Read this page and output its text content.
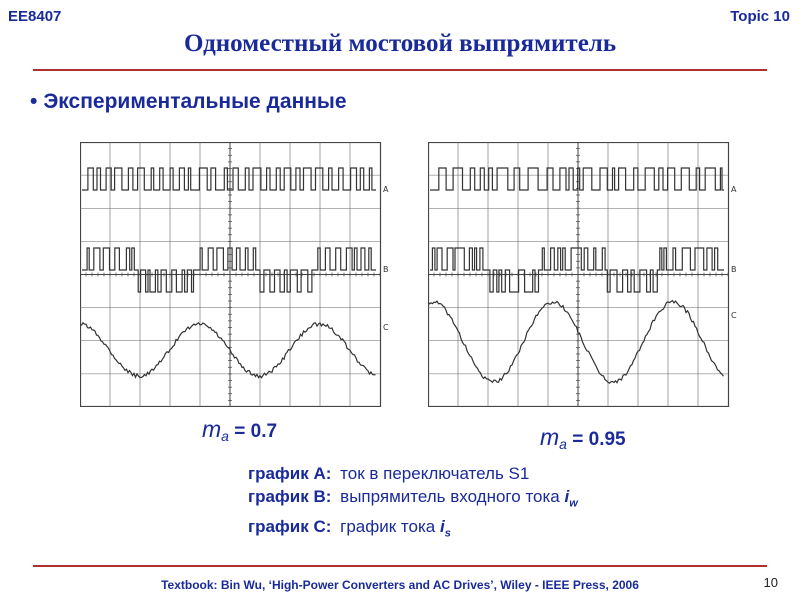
EE8407	Topic 10
Одноместный мостовой выпрямитель
• Экспериментальные данные
A
B
C
A
B
C
$m_a = 0.7$	$m_a = 0.95$
график A: ток в переключатель S1
график B: выпрямитель входного тока $i_w$
график C: график тока $i_s$
Textbook: Bin Wu, ‘High-Power Converters and AC Drives’, Wiley - IEEE Press, 2006	10
